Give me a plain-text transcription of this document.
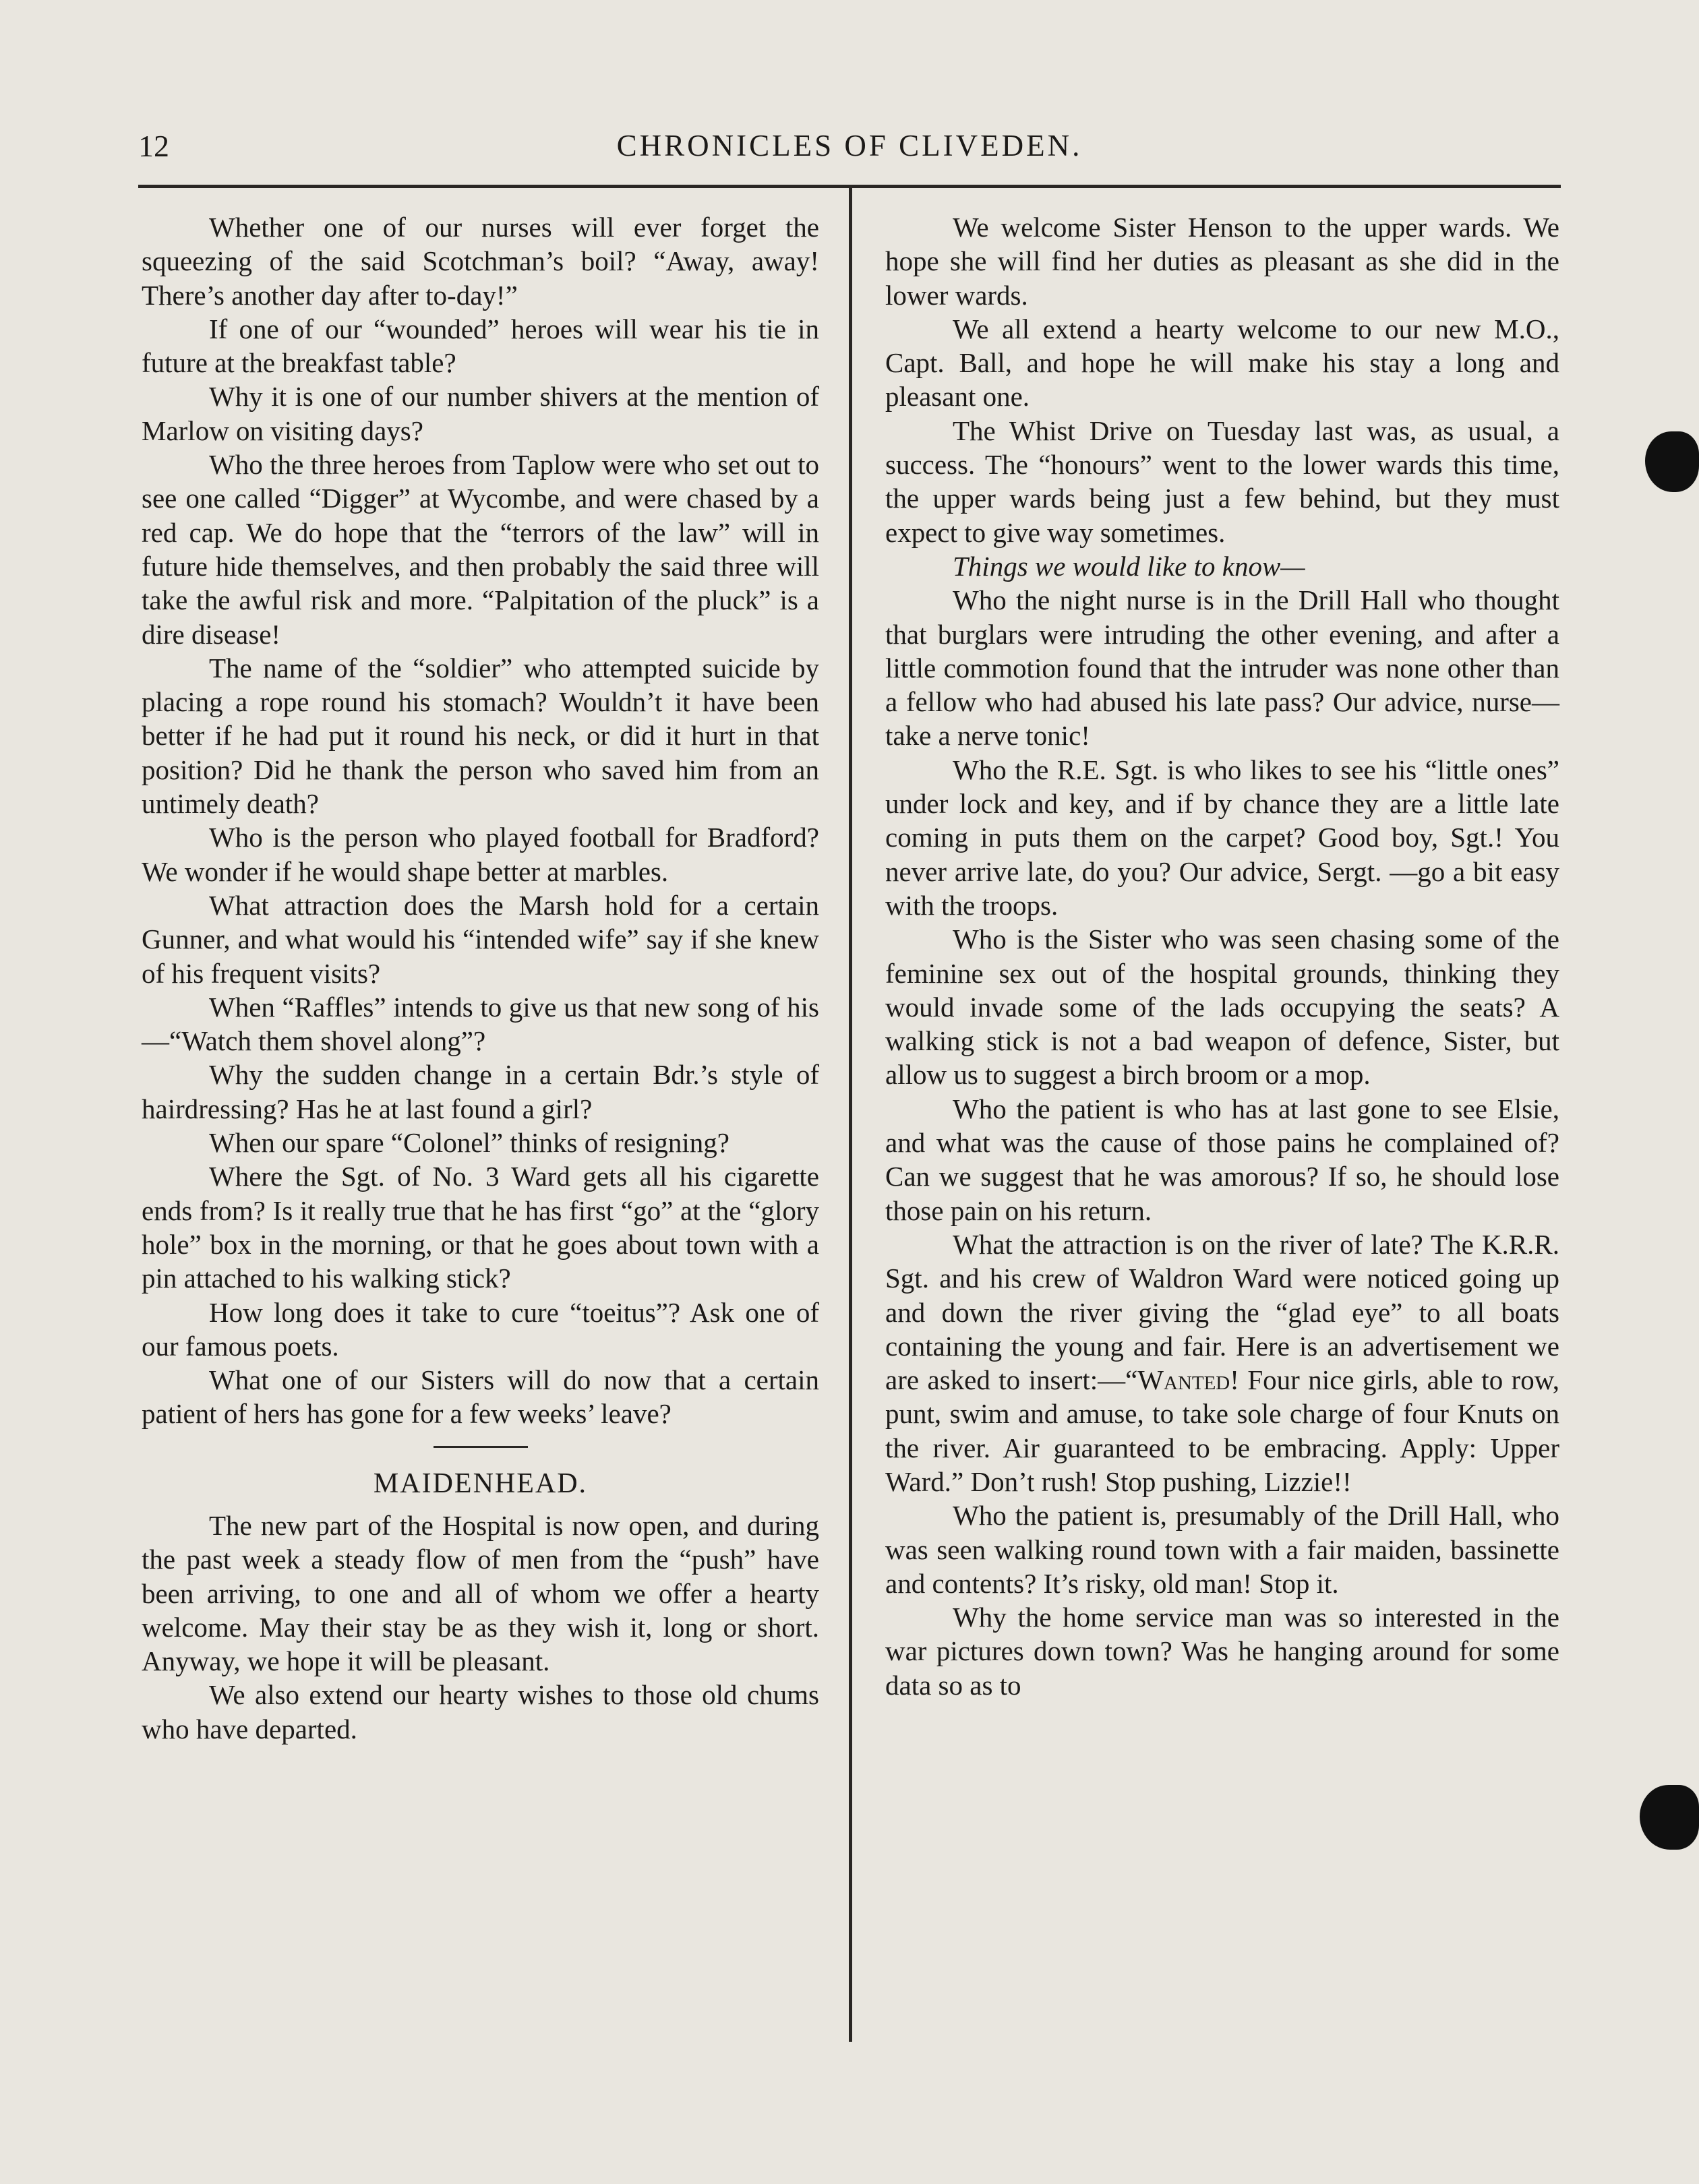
12	CHRONICLES OF CLIVEDEN.

Whether one of our nurses will ever forget the squeezing of the said Scotchman’s boil? “Away, away! There’s another day after to-day!”

If one of our “wounded” heroes will wear his tie in future at the breakfast table?

Why it is one of our number shivers at the mention of Marlow on visiting days?

Who the three heroes from Taplow were who set out to see one called “Digger” at Wycombe, and were chased by a red cap. We do hope that the “terrors of the law” will in future hide themselves, and then probably the said three will take the awful risk and more. “Palpitation of the pluck” is a dire disease!

The name of the “soldier” who attempted suicide by placing a rope round his stomach? Wouldn’t it have been better if he had put it round his neck, or did it hurt in that position? Did he thank the person who saved him from an untimely death?

Who is the person who played football for Bradford? We wonder if he would shape better at marbles.

What attraction does the Marsh hold for a certain Gunner, and what would his “intended wife” say if she knew of his frequent visits?

When “Raffles” intends to give us that new song of his—“Watch them shovel along”?

Why the sudden change in a certain Bdr.’s style of hairdressing? Has he at last found a girl?

When our spare “Colonel” thinks of resigning?

Where the Sgt. of No. 3 Ward gets all his cigarette ends from? Is it really true that he has first “go” at the “glory hole” box in the morning, or that he goes about town with a pin attached to his walking stick?

How long does it take to cure “toeitus”? Ask one of our famous poets.

What one of our Sisters will do now that a certain patient of hers has gone for a few weeks’ leave?

MAIDENHEAD.

The new part of the Hospital is now open, and during the past week a steady flow of men from the “push” have been arriving, to one and all of whom we offer a hearty welcome. May their stay be as they wish it, long or short. Anyway, we hope it will be pleasant.

We also extend our hearty wishes to those old chums who have departed.

We welcome Sister Henson to the upper wards. We hope she will find her duties as pleasant as she did in the lower wards.

We all extend a hearty welcome to our new M.O., Capt. Ball, and hope he will make his stay a long and pleasant one.

The Whist Drive on Tuesday last was, as usual, a success. The “honours” went to the lower wards this time, the upper wards being just a few behind, but they must expect to give way sometimes.

Things we would like to know—

Who the night nurse is in the Drill Hall who thought that burglars were intruding the other evening, and after a little commotion found that the intruder was none other than a fellow who had abused his late pass? Our advice, nurse—take a nerve tonic!

Who the R.E. Sgt. is who likes to see his “little ones” under lock and key, and if by chance they are a little late coming in puts them on the carpet? Good boy, Sgt.! You never arrive late, do you? Our advice, Sergt. —go a bit easy with the troops.

Who is the Sister who was seen chasing some of the feminine sex out of the hospital grounds, thinking they would invade some of the lads occupying the seats? A walking stick is not a bad weapon of defence, Sister, but allow us to suggest a birch broom or a mop.

Who the patient is who has at last gone to see Elsie, and what was the cause of those pains he complained of? Can we suggest that he was amorous? If so, he should lose those pain on his return.

What the attraction is on the river of late? The K.R.R. Sgt. and his crew of Waldron Ward were noticed going up and down the river giving the “glad eye” to all boats containing the young and fair. Here is an advertisement we are asked to insert:—“Wanted! Four nice girls, able to row, punt, swim and amuse, to take sole charge of four Knuts on the river. Air guaranteed to be embracing. Apply: Upper Ward.” Don’t rush! Stop pushing, Lizzie!!

Who the patient is, presumably of the Drill Hall, who was seen walking round town with a fair maiden, bassinette and contents? It’s risky, old man! Stop it.

Why the home service man was so interested in the war pictures down town? Was he hanging around for some data so as to
